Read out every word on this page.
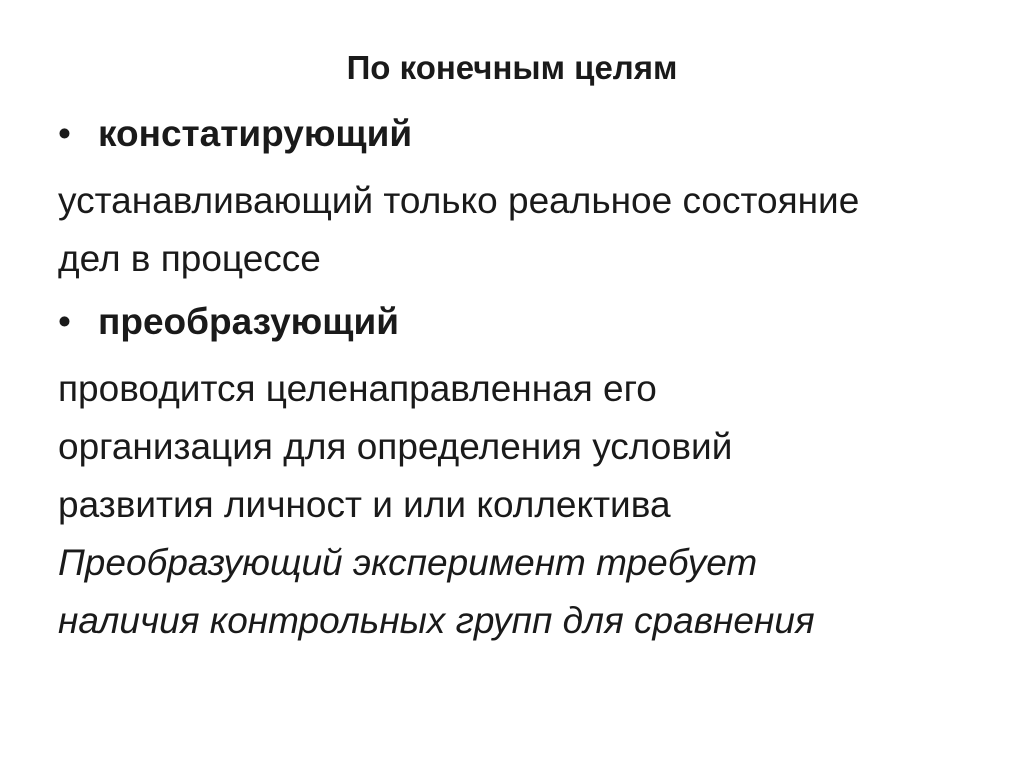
По конечным целям
• констатирующий
устанавливающий только реальное состояние
дел в процессе
• преобразующий
проводится целенаправленная его
организация для определения условий
развития личност и или коллектива
Преобразующий эксперимент требует
наличия контрольных групп для сравнения
